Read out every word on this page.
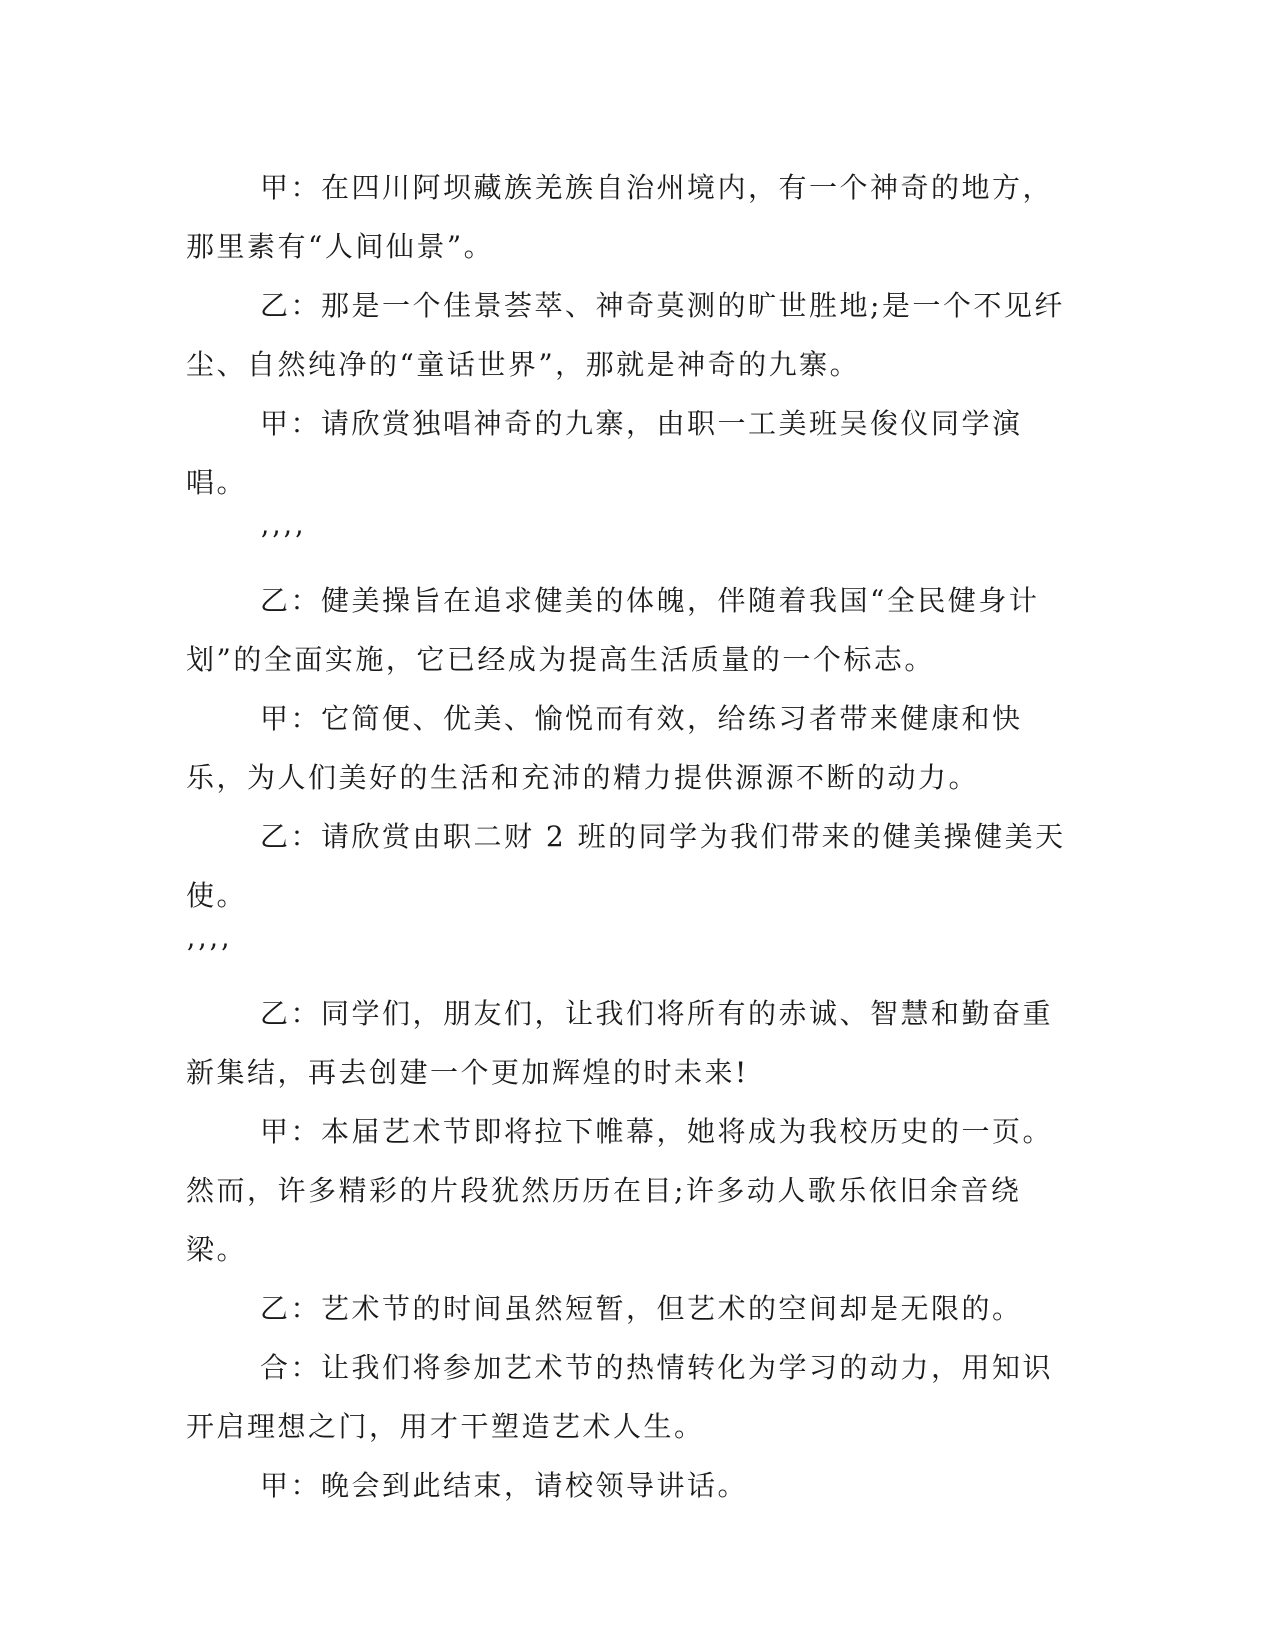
甲：在四川阿坝藏族羌族自治州境内，有一个神奇的地方，那里素有“人间仙景”。

乙：那是一个佳景荟萃、神奇莫测的旷世胜地;是一个不见纤尘、自然纯净的“童话世界”，那就是神奇的九寨。

甲：请欣赏独唱神奇的九寨，由职一工美班吴俊仪同学演唱。

’’’’

乙：健美操旨在追求健美的体魄，伴随着我国“全民健身计划”的全面实施，它已经成为提高生活质量的一个标志。

甲：它简便、优美、愉悦而有效，给练习者带来健康和快乐，为人们美好的生活和充沛的精力提供源源不断的动力。

乙：请欣赏由职二财 2 班的同学为我们带来的健美操健美天使。

’’’’

乙：同学们，朋友们，让我们将所有的赤诚、智慧和勤奋重新集结，再去创建一个更加辉煌的时未来!

甲：本届艺术节即将拉下帷幕，她将成为我校历史的一页。然而，许多精彩的片段犹然历历在目;许多动人歌乐依旧余音绕梁。

乙：艺术节的时间虽然短暂，但艺术的空间却是无限的。

合：让我们将参加艺术节的热情转化为学习的动力，用知识开启理想之门，用才干塑造艺术人生。

甲：晚会到此结束，请校领导讲话。
